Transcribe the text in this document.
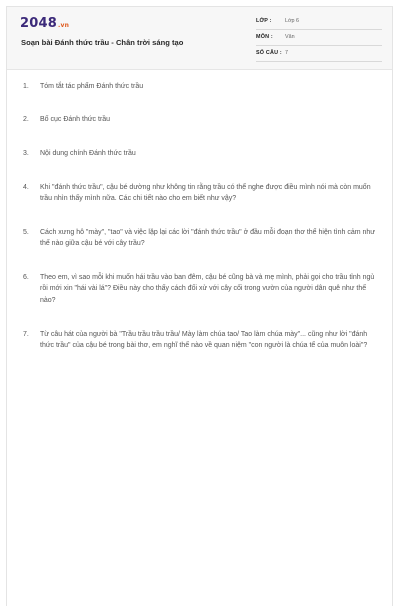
2048.vn
Soạn bài Đánh thức trầu - Chân trời sáng tạo
LỚP : Lớp 6
MÔN : Văn
SỐ CÂU : 7
1. Tóm tắt tác phẩm Đánh thức trầu
2. Bố cục Đánh thức trầu
3. Nội dung chính Đánh thức trầu
4. Khi "đánh thức trầu", cậu bé dường như không tin rằng trầu có thể nghe được điều mình nói mà còn muốn trầu nhìn thấy mình nữa. Các chi tiết nào cho em biết như vậy?
5. Cách xưng hô "mày", "tao" và việc lặp lại các lời "đánh thức trầu" ở đầu mỗi đoạn thơ thể hiện tình cảm như thế nào giữa cậu bé với cây trầu?
6. Theo em, vì sao mỗi khi muốn hái trầu vào ban đêm, cậu bé cũng bà và mẹ mình, phải gọi cho trầu tỉnh ngủ rồi mới xin "hái vài lá"? Điều này cho thấy cách đối xử với cây cối trong vườn của người dân quê như thế nào?
7. Từ câu hát của người bà "Trầu trầu trầu trầu/ Mày làm chúa tao/ Tao làm chúa mày"... cũng như lời "đánh thức trầu" của cậu bé trong bài thơ, em nghĩ thế nào về quan niệm "con người là chúa tể của muôn loài"?
